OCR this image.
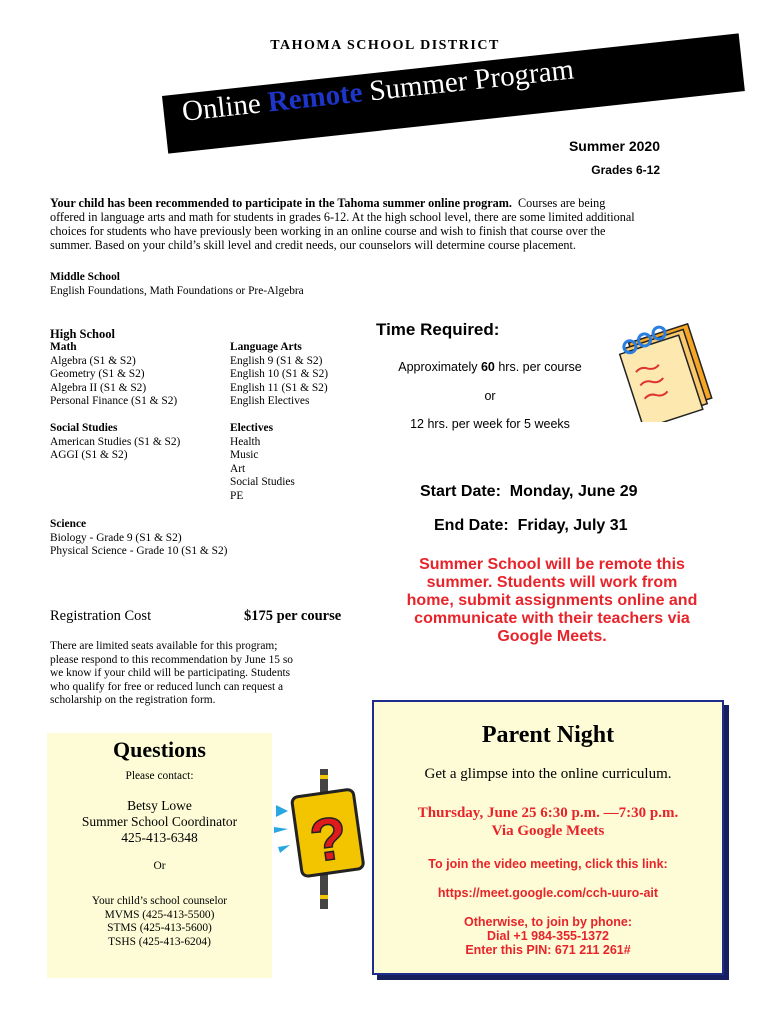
TAHOMA SCHOOL DISTRICT
Online Remote Summer Program
Summer 2020
Grades 6-12
Your child has been recommended to participate in the Tahoma summer online program. Courses are being
offered in language arts and math for students in grades 6-12. At the high school level, there are some limited additional
choices for students who have previously been working in an online course and wish to finish that course over the
summer. Based on your child’s skill level and credit needs, our counselors will determine course placement.
Middle School
English Foundations, Math Foundations or Pre-Algebra
High School
Math
Algebra (S1 & S2)
Geometry (S1 & S2)
Algebra II (S1 & S2)
Personal Finance (S1 & S2)
Social Studies
American Studies (S1 & S2)
AGGI (S1 & S2)
Language Arts
English 9 (S1 & S2)
English 10 (S1 & S2)
English 11 (S1 & S2)
English Electives
Electives
Health
Music
Art
Social Studies
PE
Science
Biology - Grade 9 (S1 & S2)
Physical Science - Grade 10 (S1 & S2)
Registration Cost	$175 per course
There are limited seats available for this program;
please respond to this recommendation by June 15 so
we know if your child will be participating. Students
who qualify for free or reduced lunch can request a
scholarship on the registration form.
Time Required:
Approximately 60 hrs. per course
or
12 hrs. per week for 5 weeks
Start Date: Monday, June 29
End Date: Friday, July 31
Summer School will be remote this
summer. Students will work from
home, submit assignments online and
communicate with their teachers via
Google Meets.
Questions
Please contact:
Betsy Lowe
Summer School Coordinator
425-413-6348
Or
Your child’s school counselor
MVMS (425-413-5500)
STMS (425-413-5600)
TSHS (425-413-6204)
?
Parent Night
Get a glimpse into the online curriculum.
Thursday, June 25 6:30 p.m. —7:30 p.m.
Via Google Meets
To join the video meeting, click this link:
https://meet.google.com/cch-uuro-ait
Otherwise, to join by phone:
Dial +1 984-355-1372
Enter this PIN: 671 211 261#
